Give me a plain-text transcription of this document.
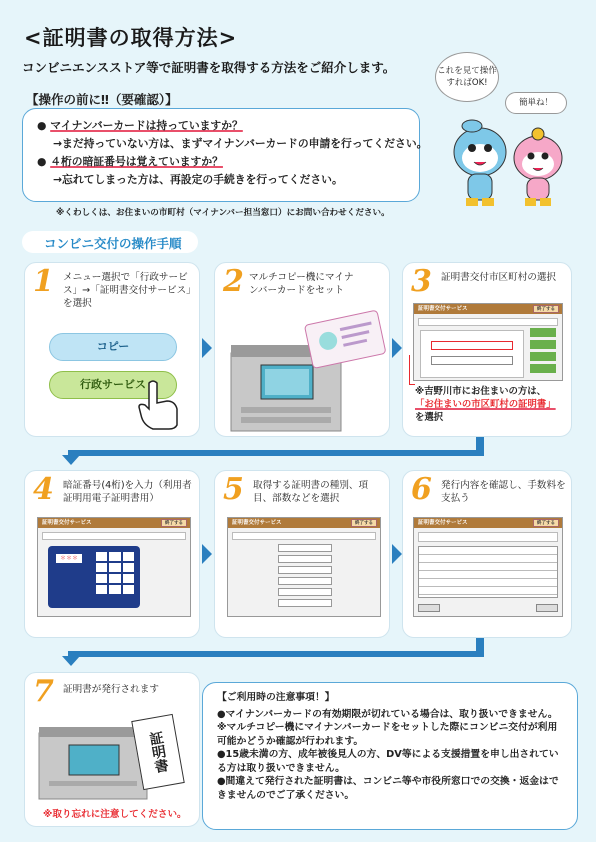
<証明書の取得方法>
コンビニエンスストア等で証明書を取得する方法をご紹介します。
【操作の前に‼（要確認）】
● マイナンバーカードは持っていますか？
→まだ持っていない方は、まずマイナンバーカードの申請を行ってください。
● ４桁の暗証番号は覚えていますか？
→忘れてしまった方は、再設定の手続きを行ってください。
※くわしくは、お住まいの市町村（マイナンバー担当窓口）にお問い合わせください。
これを見て操作すればOK!
簡単ね！
コンビニ交付の操作手順
1 メニュー選択で「行政サービス」→「証明書交付サービス」を選択
コピー
行政サービス
2 マルチコピー機にマイナンバーカードをセット	3 証明書交付市区町村の選択
証明書交付サービス	終了する
※吉野川市にお住まいの方は、
「お住まいの市区町村の証明書」
を選択
4 暗証番号(4桁)を入力（利用者証明用電子証明書用）
証明書交付サービス	終了する
＊＊＊
5 取得する証明書の種別、項目、部数などを選択
証明書交付サービス	終了する
6 発行内容を確認し、手数料を支払う
証明書交付サービス	終了する
7 証明書が発行されます
証明書
※取り忘れに注意してください。
【ご利用時の注意事項！】
●マイナンバーカードの有効期限が切れている場合は、取り扱いできません。
※マルチコピー機にマイナンバーカードをセットした際にコンビニ交付が利用可能かどうか確認が行われます。
●15歳未満の方、成年被後見人の方、DV等による支援措置を申し出されている方は取り扱いできません。
●間違えて発行された証明書は、コンビニ等や市役所窓口での交換・返金はできませんのでご了承ください。
